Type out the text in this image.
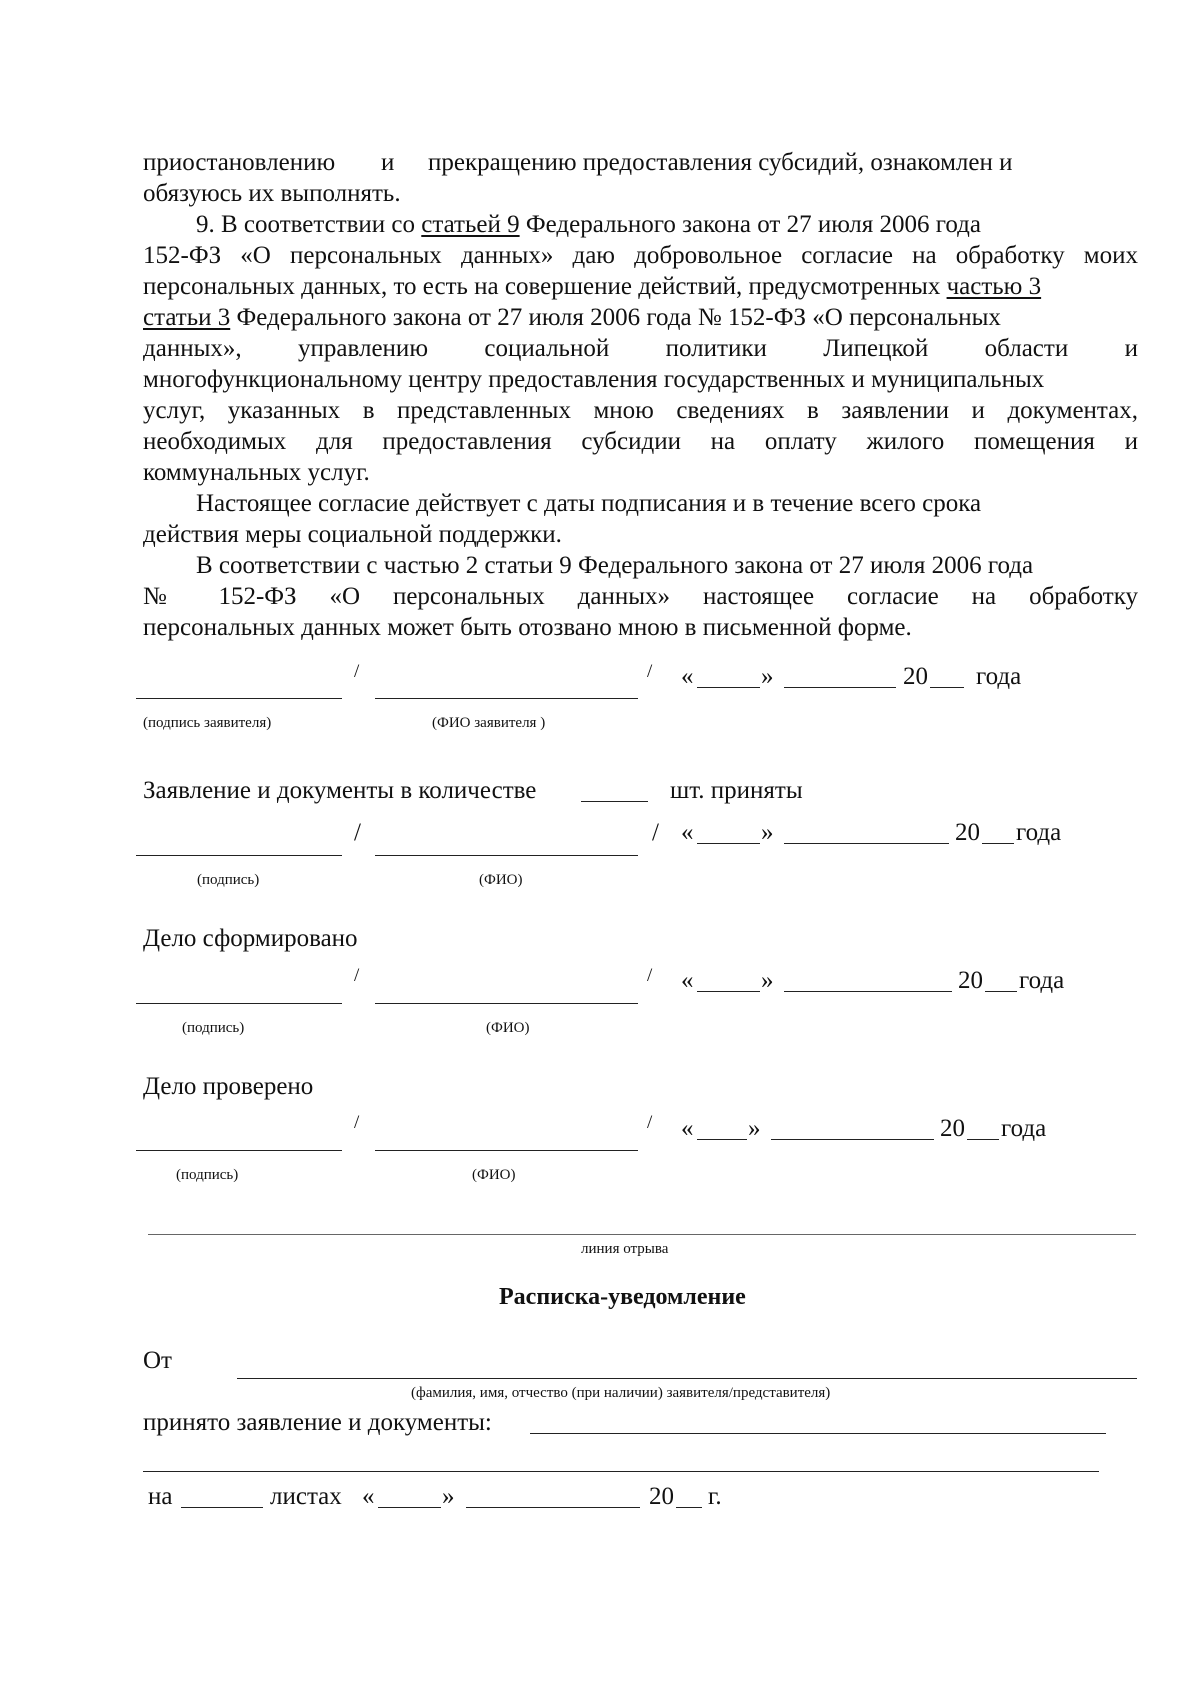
приостановлению и прекращению предоставления субсидий, ознакомлен и
обязуюсь их выполнять.
9. В соответствии со статьей 9 Федерального закона от 27 июля 2006 года
152-ФЗ «О персональных данных» даю добровольное согласие на обработку моих
персональных данных, то есть на совершение действий, предусмотренных частью 3
статьи 3 Федерального закона от 27 июля 2006 года № 152-ФЗ «О персональных
данных», управлению социальной политики Липецкой области и
многофункциональному центру предоставления государственных и муниципальных
услуг, указанных в представленных мною сведениях в заявлении и документах,
необходимых для предоставления субсидии на оплату жилого помещения и
коммунальных услуг.
Настоящее согласие действует с даты подписания и в течение всего срока
действия меры социальной поддержки.
В соответствии с частью 2 статьи 9 Федерального закона от 27 июля 2006 года
№ 152-ФЗ «О персональных данных» настоящее согласие на обработку
персональных данных может быть отозвано мною в письменной форме.
/	/ «	»	20 года
(подпись заявителя)	(ФИО заявителя )
Заявление и документы в количестве	шт. приняты
/	/ «	»	20 года
(подпись)	(ФИО)
Дело сформировано
/	/ «	»	20 года
(подпись)	(ФИО)
Дело проверено
/	/ « »	20 года
(подпись)	(ФИО)
линия отрыва
Расписка-уведомление
От
(фамилия, имя, отчество (при наличии) заявителя/представителя)
принято заявление и документы:
на	листах «	»	20 г.
